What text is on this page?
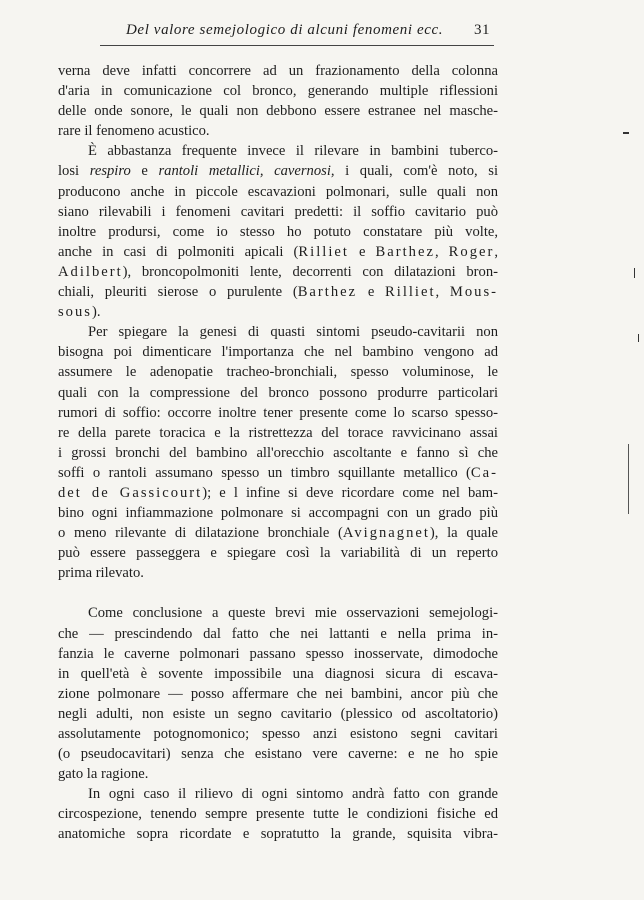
Del valore semejologico di alcuni fenomeni ecc. 31
verna deve infatti concorrere ad un frazionamento della colonna
d'aria in comunicazione col bronco, generando multiple riflessioni
delle onde sonore, le quali non debbono essere estranee nel masche-
rare il fenomeno acustico.
È abbastanza frequente invece il rilevare in bambini tuberco-
losi respiro e rantoli metallici, cavernosi, i quali, com'è noto, si
producono anche in piccole escavazioni polmonari, sulle quali non
siano rilevabili i fenomeni cavitari predetti: il soffio cavitario può
inoltre prodursi, come io stesso ho potuto constatare più volte,
anche in casi di polmoniti apicali (Rilliet e Barthez, Roger,
Adilbert), broncopolmoniti lente, decorrenti con dilatazioni bron-
chiali, pleuriti sierose o purulente (Barthez e Rilliet, Mous-
sous).
Per spiegare la genesi di quasti sintomi pseudo-cavitarii non
bisogna poi dimenticare l'importanza che nel bambino vengono ad
assumere le adenopatie tracheo-bronchiali, spesso voluminose, le
quali con la compressione del bronco possono produrre particolari
rumori di soffio: occorre inoltre tener presente come lo scarso spesso-
re della parete toracica e la ristrettezza del torace ravvicinano assai
i grossi bronchi del bambino all'orecchio ascoltante e fanno sì che
soffi o rantoli assumano spesso un timbro squillante metallico (Ca-
det de Gassicourt); e l infine si deve ricordare come nel bam-
bino ogni infiammazione polmonare si accompagni con un grado più
o meno rilevante di dilatazione bronchiale (Avignagnet), la quale
può essere passeggera e spiegare così la variabilità di un reperto
prima rilevato.
Come conclusione a queste brevi mie osservazioni semejologi-
che — prescindendo dal fatto che nei lattanti e nella prima in-
fanzia le caverne polmonari passano spesso inosservate, dimodoche
in quell'età è sovente impossibile una diagnosi sicura di escava-
zione polmonare — posso affermare che nei bambini, ancor più che
negli adulti, non esiste un segno cavitario (plessico od ascoltatorio)
assolutamente potognomonico; spesso anzi esistono segni cavitari
(o pseudocavitari) senza che esistano vere caverne: e ne ho spie
gato la ragione.
In ogni caso il rilievo di ogni sintomo andrà fatto con grande
circospezione, tenendo sempre presente tutte le condizioni fisiche ed
anatomiche sopra ricordate e sopratutto la grande, squisita vibra-
